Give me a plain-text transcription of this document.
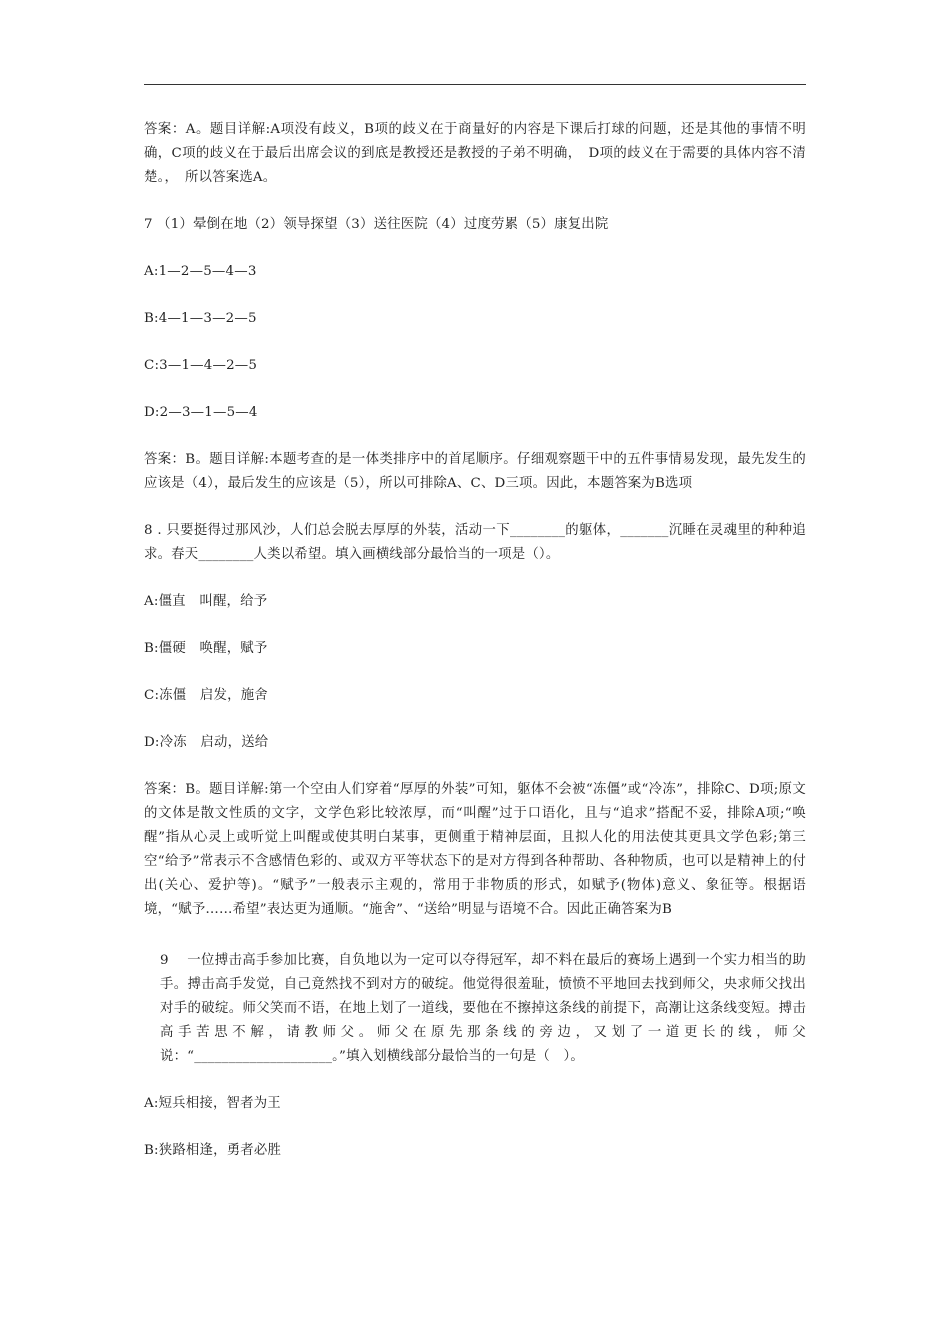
答案：A。题目详解:A项没有歧义，B项的歧义在于商量好的内容是下课后打球的问题，还是其他的事情不明确，C项的歧义在于最后出席会议的到底是教授还是教授的子弟不明确，　D项的歧义在于需要的具体内容不清楚。，　所以答案选A。

7 （1）晕倒在地（2）领导探望（3）送往医院（4）过度劳累（5）康复出院

A:1—2—5—4—3

B:4—1—3—2—5

C:3—1—4—2—5

D:2—3—1—5—4

答案：B。题目详解:本题考查的是一体类排序中的首尾顺序。仔细观察题干中的五件事情易发现，最先发生的应该是（4），最后发生的应该是（5），所以可排除A、C、D三项。因此，本题答案为B选项

8 . 只要挺得过那风沙，人们总会脱去厚厚的外装，活动一下________的躯体，_______沉睡在灵魂里的种种追求。春天________人类以希望。填入画横线部分最恰当的一项是（）。

A:僵直　叫醒，给予

B:僵硬　唤醒，赋予

C:冻僵　启发，施舍

D:冷冻　启动，送给

答案：B。题目详解:第一个空由人们穿着“厚厚的外装”可知，躯体不会被“冻僵”或“冷冻”，排除C、D项;原文的文体是散文性质的文字，文学色彩比较浓厚，而“叫醒”过于口语化，且与“追求”搭配不妥，排除A项;“唤醒”指从心灵上或听觉上叫醒或使其明白某事，更侧重于精神层面，且拟人化的用法使其更具文学色彩;第三空“给予”常表示不含感情色彩的、或双方平等状态下的是对方得到各种帮助、各种物质，也可以是精神上的付出(关心、爱护等)。“赋予”一般表示主观的，常用于非物质的形式，如赋予(物体)意义、象征等。根据语境，“赋予……希望”表达更为通顺。“施舍”、“送给”明显与语境不合。因此正确答案为B

9　 一位搏击高手参加比赛，自负地以为一定可以夺得冠军，却不料在最后的赛场上遇到一个实力相当的助手。搏击高手发觉，自己竟然找不到对方的破绽。他觉得很羞耻，愤愤不平地回去找到师父，央求师父找出对手的破绽。师父笑而不语，在地上划了一道线，要他在不擦掉这条线的前提下，高潮让这条线变短。搏击高手苦思不解，请教师父。师父在原先那条线的旁边，又划了一道更长的线，师父说：“____________________。”填入划横线部分最恰当的一句是（　）。

A:短兵相接，智者为王

B:狭路相逢，勇者必胜
